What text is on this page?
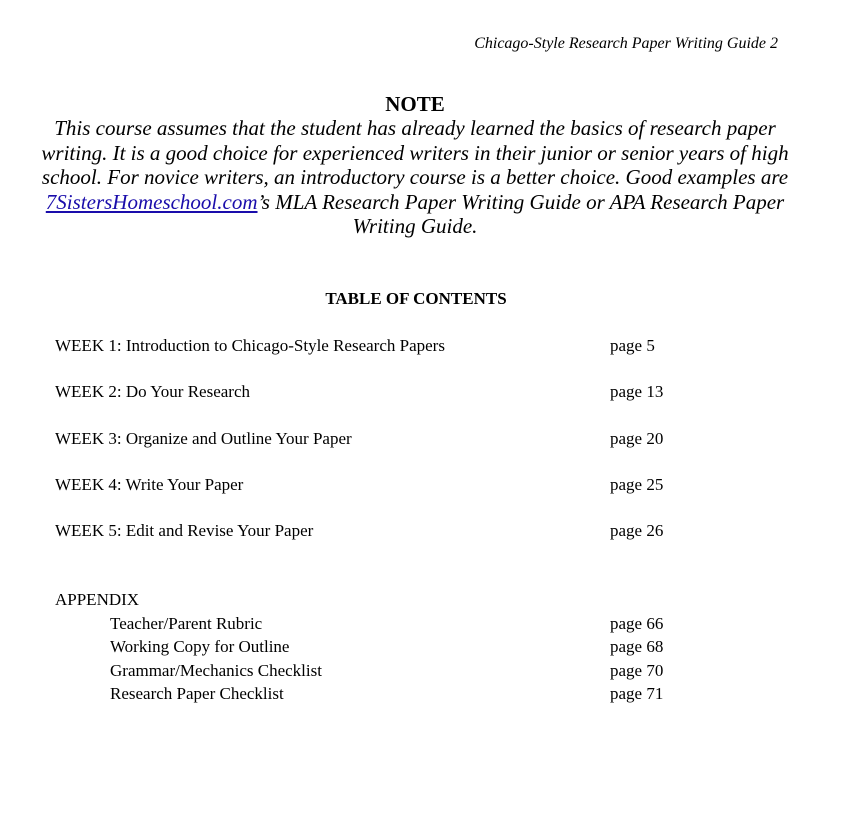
Chicago-Style Research Paper Writing Guide 2
NOTE
This course assumes that the student has already learned the basics of research paper writing. It is a good choice for experienced writers in their junior or senior years of high school. For novice writers, an introductory course is a better choice. Good examples are 7SistersHomeschool.com’s MLA Research Paper Writing Guide or APA Research Paper Writing Guide.
TABLE OF CONTENTS
WEEK 1: Introduction to Chicago-Style Research Papers	page 5
WEEK 2: Do Your Research	page 13
WEEK 3: Organize and Outline Your Paper	page 20
WEEK 4: Write Your Paper	page 25
WEEK 5: Edit and Revise Your Paper	page 26
APPENDIX
Teacher/Parent Rubric	page 66
Working Copy for Outline	page 68
Grammar/Mechanics Checklist	page 70
Research Paper Checklist	page 71
